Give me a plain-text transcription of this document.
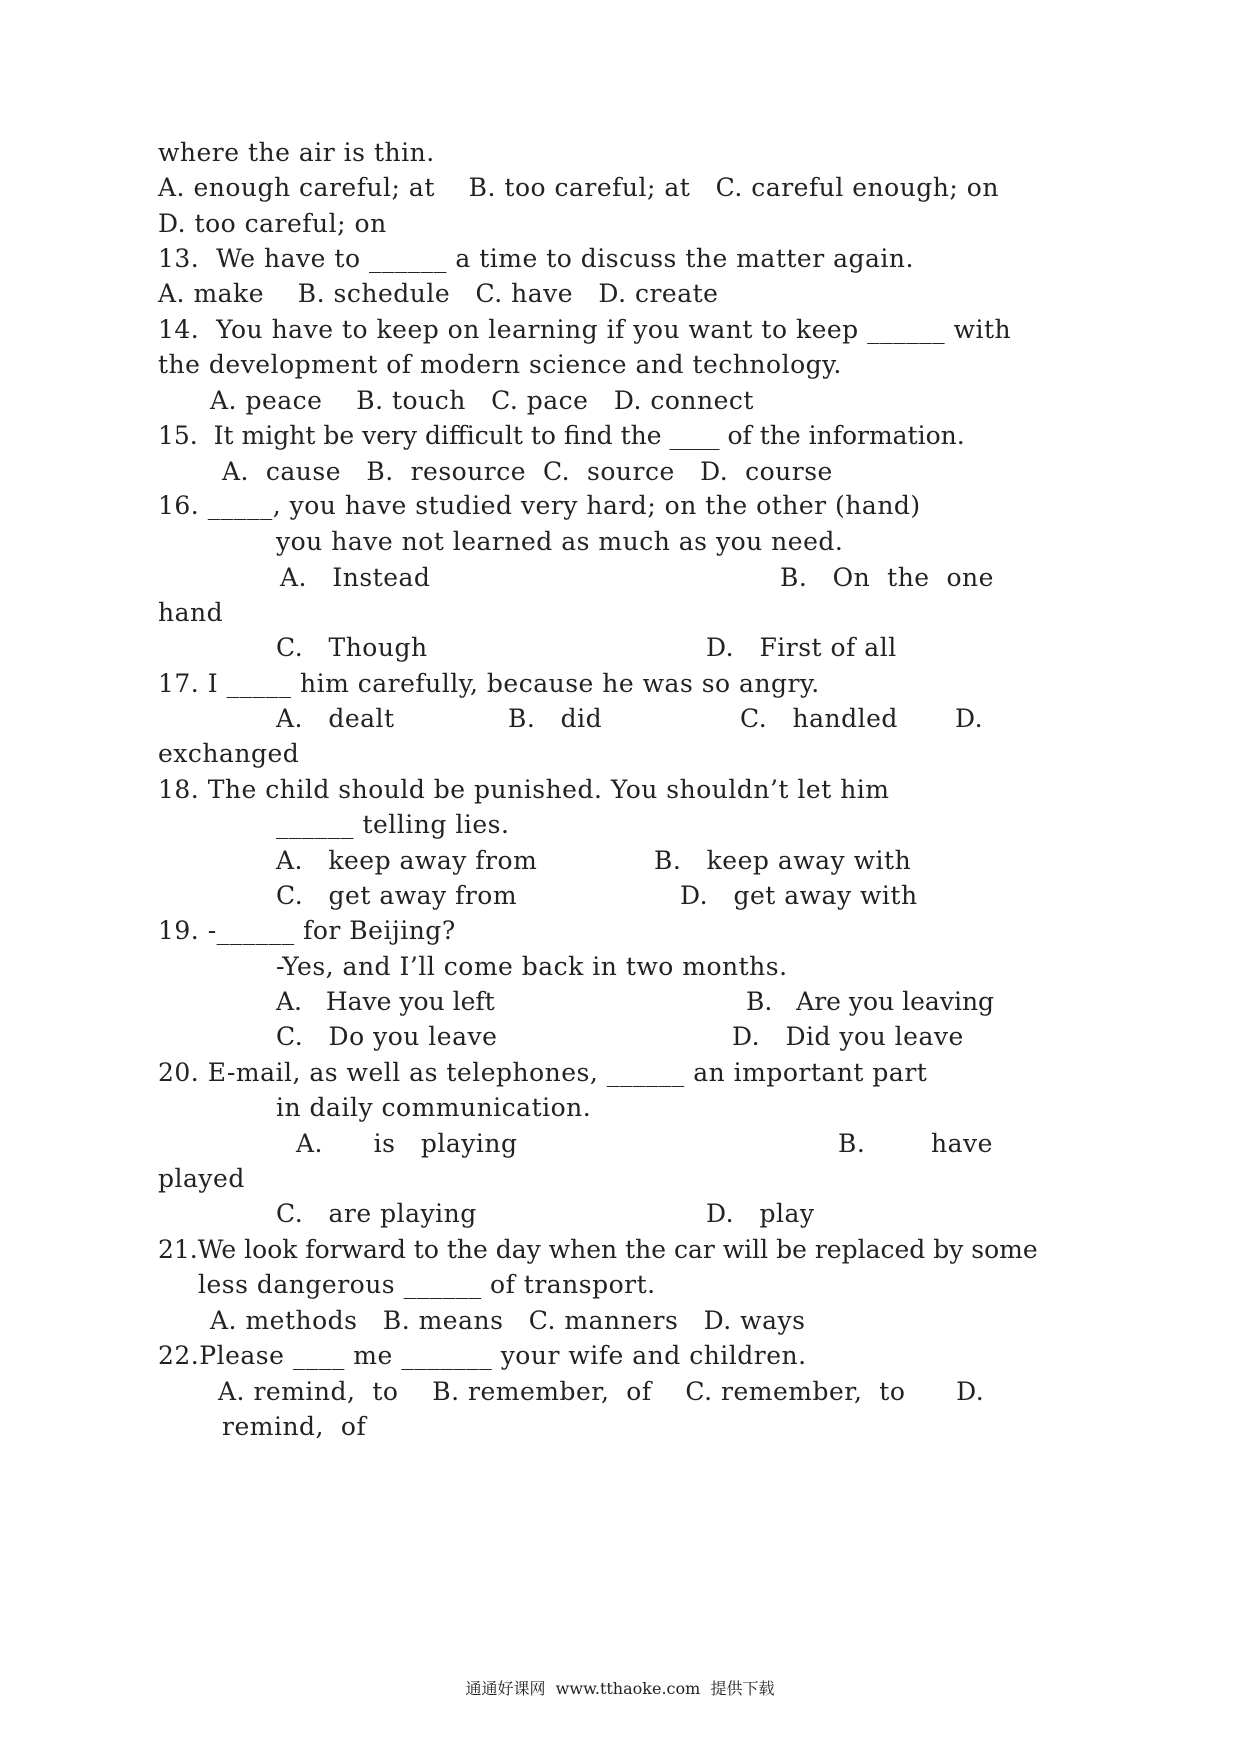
where the air is thin.

A. enough careful; at    B. too careful; at   C. careful enough; on

D. too careful; on

13.  We have to ______ a time to discuss the matter again.

A. make    B. schedule   C. have   D. create

14.  You have to keep on learning if you want to keep ______ with

the development of modern science and technology.

A. peace    B. touch   C. pace   D. connect

15.  It might be very difficult to find the ____ of the information.

A.  cause   B.  resource  C.  source   D.  course

16. _____, you have studied very hard; on the other (hand)

you have not learned as much as you need.

A.   Instead	B.   On  the  one

hand

C.   Though	D.   First of all

17. I _____ him carefully, because he was so angry.

A.   dealt	B.   did	C.   handled D.

exchanged

18. The child should be punished. You shouldn’t let him

______ telling lies.

A.   keep away from	B.   keep away with

C.   get away from	D.   get away with

19. -______ for Beijing?

-Yes, and I’ll come back in two months.

A.   Have you left	B.   Are you leaving

C.   Do you leave	D.   Did you leave

20. E-mail, as well as telephones, ______ an important part

in daily communication.

A.      is   playing	B.	have

played

C.   are playing	D.   play

21.We look forward to the day when the car will be replaced by some

less dangerous ______ of transport.

A. methods   B. means   C. manners   D. ways

22.Please ____ me _______ your wife and children.

A. remind,  to    B. remember,  of    C. remember,  to      D.

remind,  of

通通好课网  www.tthaoke.com  提供下载
